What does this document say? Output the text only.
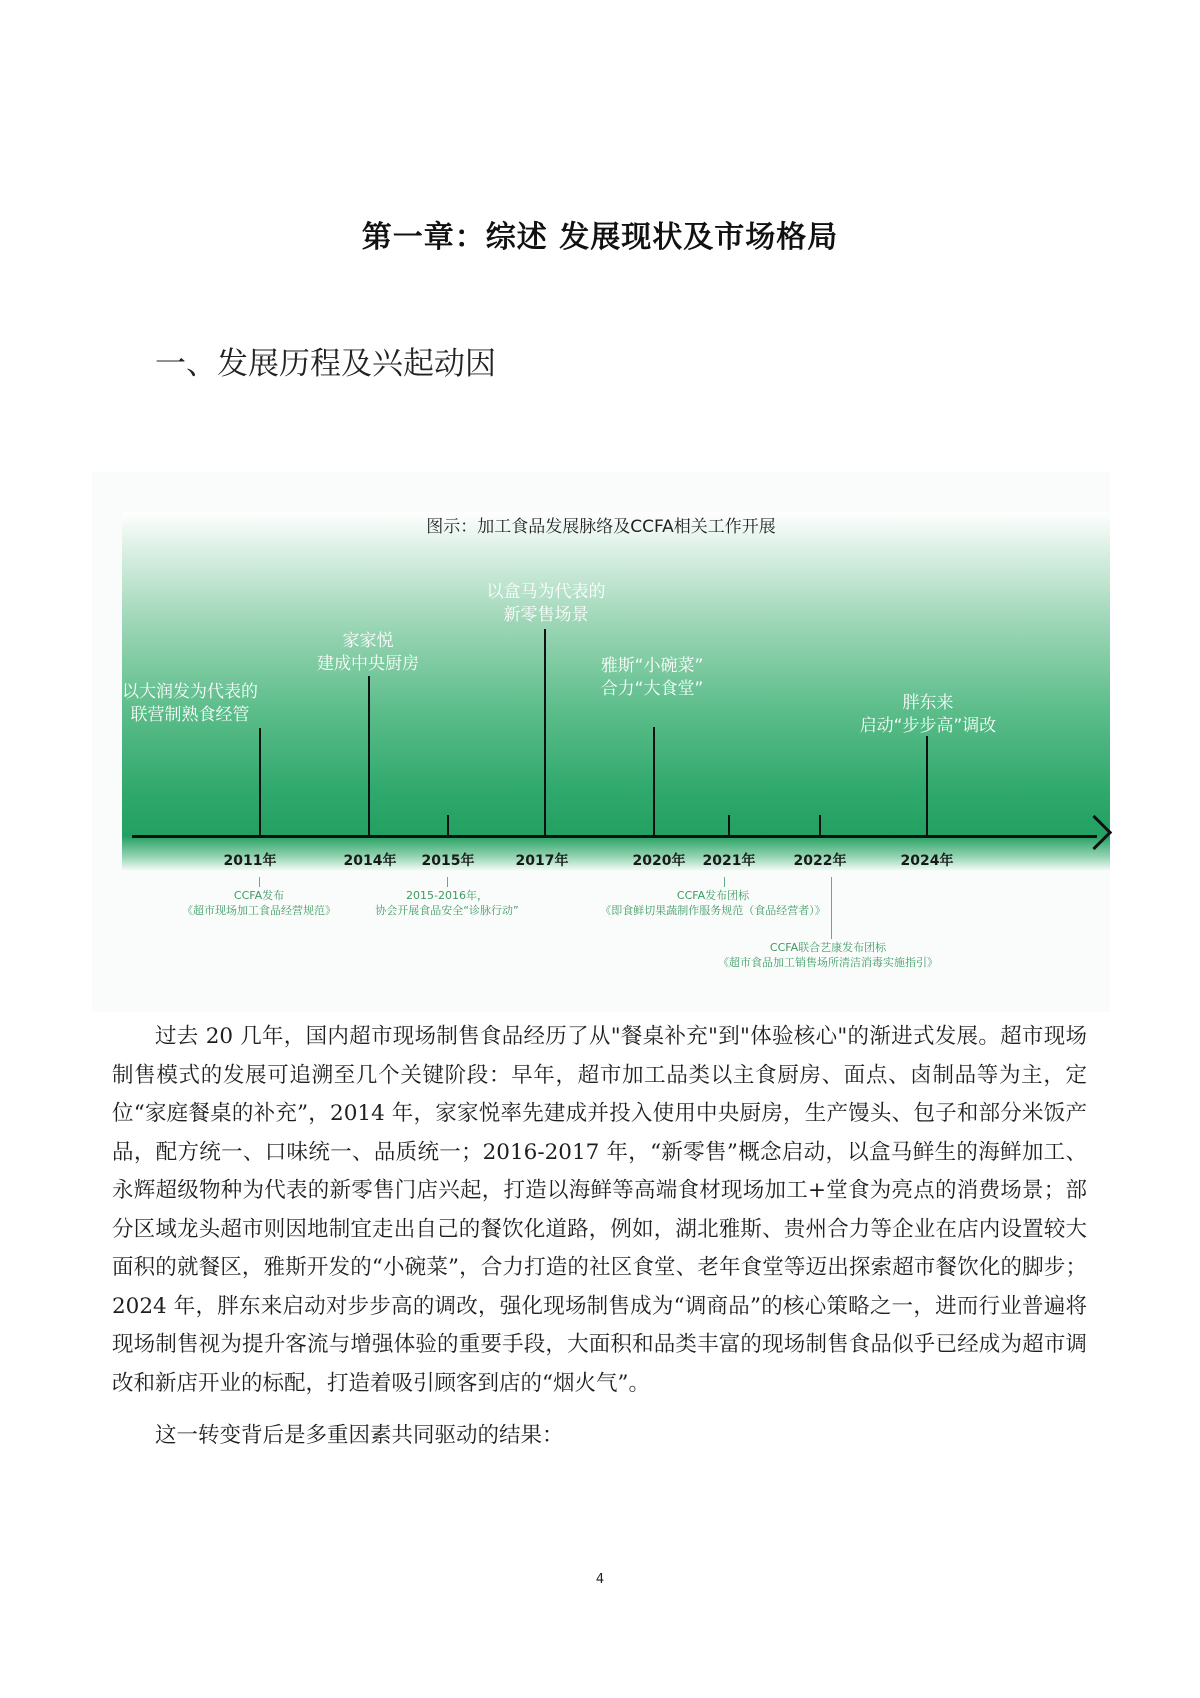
第一章：综述 发展现状及市场格局
一、发展历程及兴起动因
图示：加工食品发展脉络及CCFA相关工作开展
以大润发为代表的
联营制熟食经管
家家悦
建成中央厨房
以盒马为代表的
新零售场景
雅斯“小碗菜”
合力“大食堂”
胖东来
启动“步步高”调改
2011年	2014年 2015年	2017年	2020年 2021年	2022年	2024年
CCFA发布
《超市现场加工食品经营规范》
2015-2016年，
协会开展食品安全“诊脉行动”
CCFA发布团标
《即食鲜切果蔬制作服务规范（食品经营者）》
CCFA联合艺康发布团标
《超市食品加工销售场所清洁消毒实施指引》

过去 20 几年，国内超市现场制售食品经历了从"餐桌补充"到"体验核心"的渐进式发展。超市现场制售模式的发展可追溯至几个关键阶段：早年，超市加工品类以主食厨房、面点、卤制品等为主，定位“家庭餐桌的补充”，2014 年，家家悦率先建成并投入使用中央厨房，生产馒头、包子和部分米饭产品，配方统一、口味统一、品质统一；2016-2017 年，“新零售”概念启动，以盒马鲜生的海鲜加工、永辉超级物种为代表的新零售门店兴起，打造以海鲜等高端食材现场加工+堂食为亮点的消费场景；部分区域龙头超市则因地制宜走出自己的餐饮化道路，例如，湖北雅斯、贵州合力等企业在店内设置较大面积的就餐区，雅斯开发的“小碗菜”，合力打造的社区食堂、老年食堂等迈出探索超市餐饮化的脚步；2024 年，胖东来启动对步步高的调改，强化现场制售成为“调商品”的核心策略之一，进而行业普遍将现场制售视为提升客流与增强体验的重要手段，大面积和品类丰富的现场制售食品似乎已经成为超市调改和新店开业的标配，打造着吸引顾客到店的“烟火气”。

这一转变背后是多重因素共同驱动的结果：

4
